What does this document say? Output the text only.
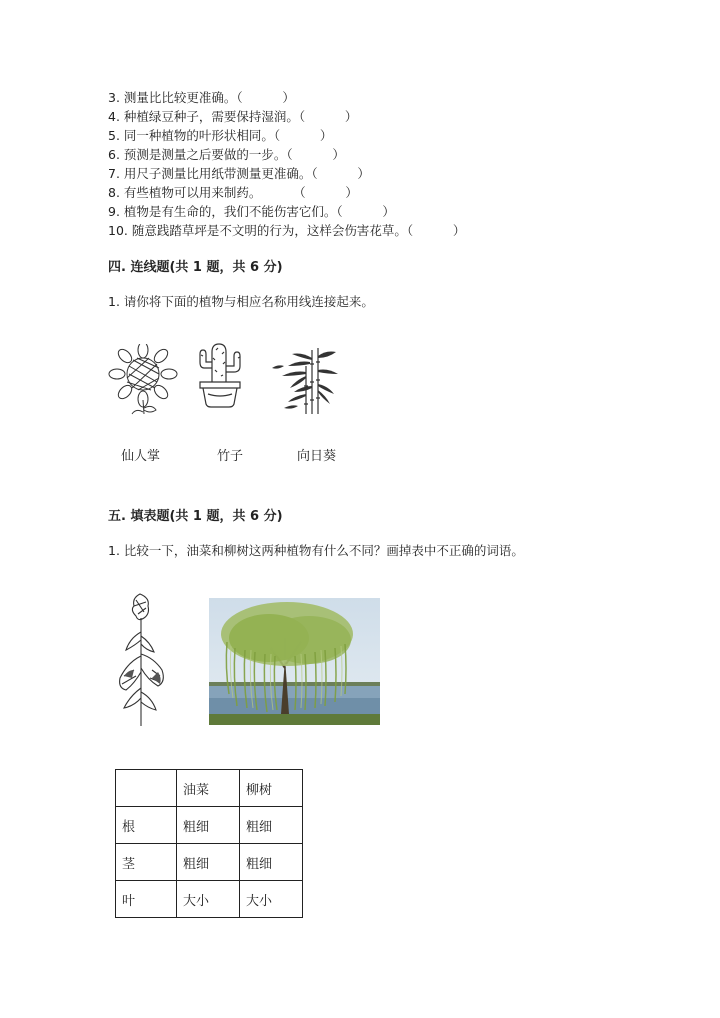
3. 测量比比较更准确。（          ）
4. 种植绿豆种子，需要保持湿润。（          ）
5. 同一种植物的叶形状相同。（          ）
6. 预测是测量之后要做的一步。（          ）
7. 用尺子测量比用纸带测量更准确。（          ）
8. 有些植物可以用来制药。        （          ）
9. 植物是有生命的，我们不能伤害它们。（          ）
10. 随意践踏草坪是不文明的行为，这样会伤害花草。（          ）
四. 连线题(共 1 题，共 6 分)
1. 请你将下面的植物与相应名称用线连接起来。
仙人掌	竹子	向日葵
五. 填表题(共 1 题，共 6 分)
1. 比较一下，油菜和柳树这两种植物有什么不同？画掉表中不正确的词语。
	油菜	柳树
根	粗细	粗细
茎	粗细	粗细
叶	大小	大小
